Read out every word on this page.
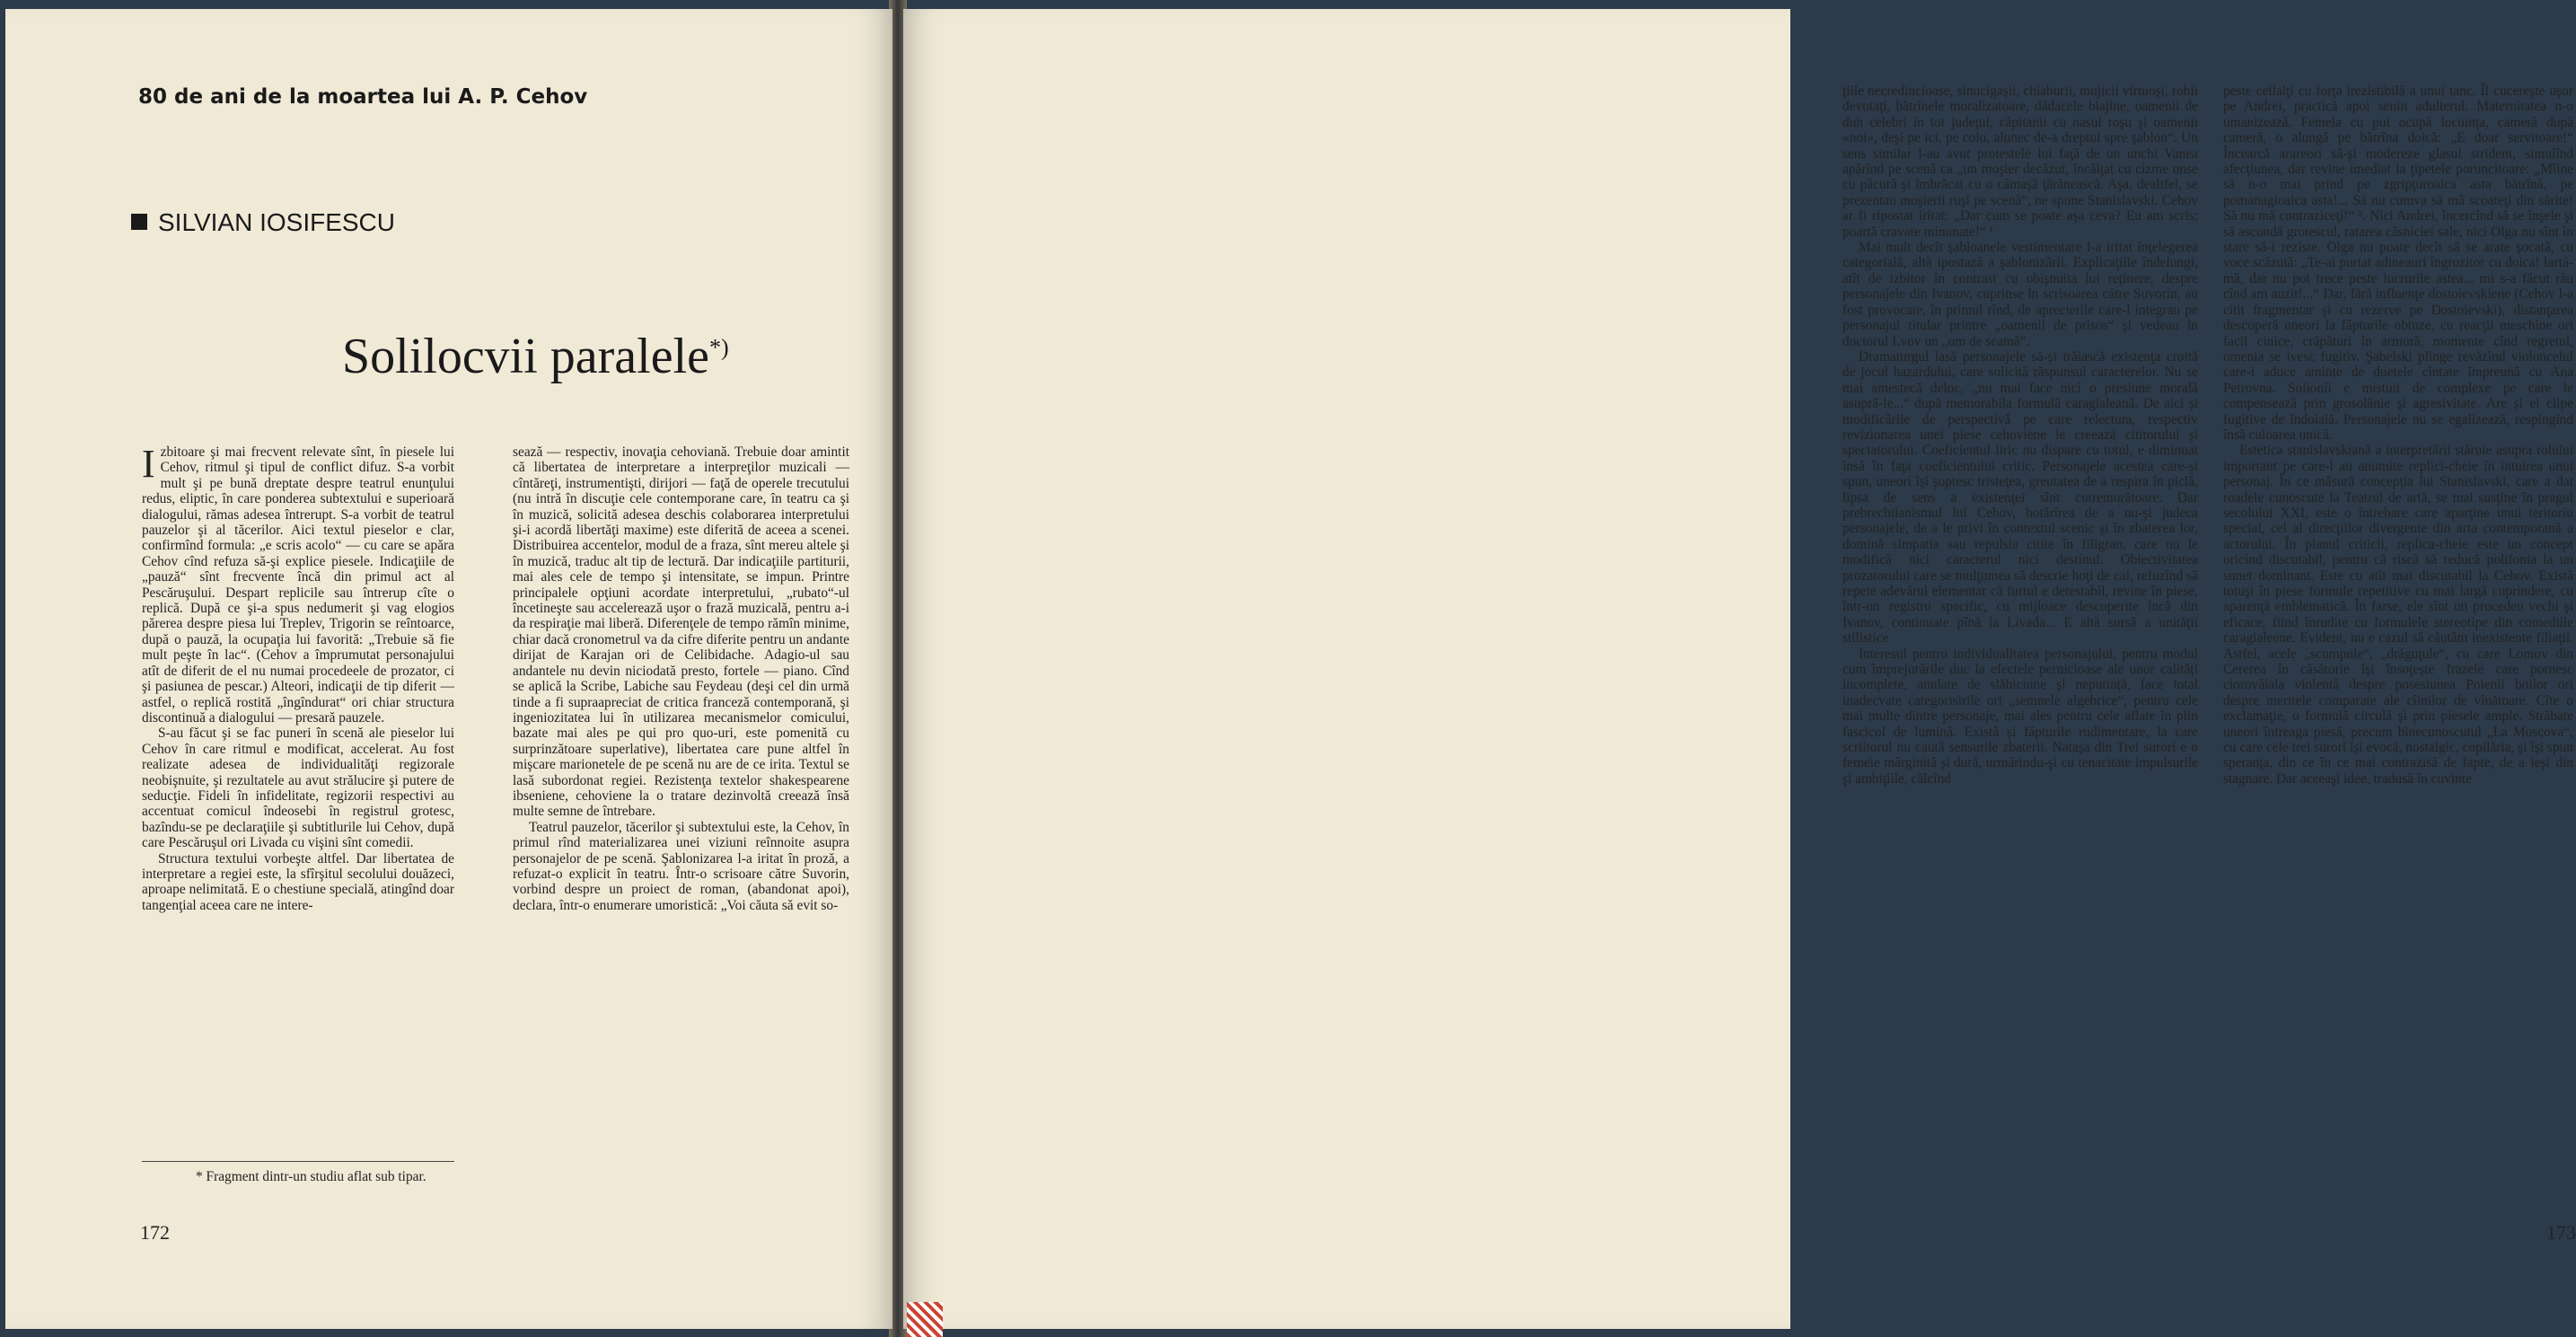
80 de ani de la moartea lui A. P. Cehov
SILVIAN IOSIFESCU
Solilocvii paralele*)

Izbitoare şi mai frecvent relevate sînt, în piesele lui Cehov, ritmul şi tipul de conflict difuz. S-a vorbit mult şi pe bună dreptate despre teatrul enunţului redus, eliptic, în care ponderea subtextului e superioară dialogului, rămas adesea întrerupt. S-a vorbit de teatrul pauzelor şi al tăcerilor. Aici textul pieselor e clar, confirmînd formula: „e scris acolo“ — cu care se apăra Cehov cînd refuza să-şi explice piesele. Indicaţiile de „pauză“ sînt frecvente încă din primul act al Pescăruşului. Despart replicile sau întrerup cîte o replică. După ce şi-a spus nedumerit şi vag elogios părerea despre piesa lui Treplev, Trigorin se reîntoarce, după o pauză, la ocupaţia lui favorită: „Trebuie să fie mult peşte în lac“. (Cehov a împrumutat personajului atît de diferit de el nu numai procedeele de prozator, ci şi pasiunea de pescar.) Alteori, indicaţii de tip diferit — astfel, o replică rostită „îngîndurat“ ori chiar structura discontinuă a dialogului — presară pauzele.

S-au făcut şi se fac puneri în scenă ale pieselor lui Cehov în care ritmul e modificat, accelerat. Au fost realizate adesea de individualităţi regizorale neobişnuite, şi rezultatele au avut strălucire şi putere de seducţie. Fideli în infidelitate, regizorii respectivi au accentuat comicul îndeosebi în registrul grotesc, bazîndu-se pe declaraţiile şi subtitlurile lui Cehov, după care Pescăruşul ori Livada cu vişini sînt comedii.

Structura textului vorbeşte altfel. Dar libertatea de interpretare a regiei este, la sfîrşitul secolului douăzeci, aproape nelimitată. E o chestiune specială, atingînd doar tangenţial aceea care ne intere-

sează — respectiv, inovaţia cehoviană. Trebuie doar amintit că libertatea de interpretare a interpreţilor muzicali — cîntăreţi, instrumentişti, dirijori — faţă de operele trecutului (nu intră în discuţie cele contemporane care, în teatru ca şi în muzică, solicită adesea deschis colaborarea interpretului şi-i acordă libertăţi maxime) este diferită de aceea a scenei. Distribuirea accentelor, modul de a fraza, sînt mereu altele şi în muzică, traduc alt tip de lectură. Dar indicaţiile partiturii, mai ales cele de tempo şi intensitate, se impun. Printre principalele opţiuni acordate interpretului, „rubato“-ul încetineşte sau accelerează uşor o frază muzicală, pentru a-i da respiraţie mai liberă. Diferenţele de tempo rămîn minime, chiar dacă cronometrul va da cifre diferite pentru un andante dirijat de Karajan ori de Celibidache. Adagio-ul sau andantele nu devin niciodată presto, fortele — piano. Cînd se aplică la Scribe, Labiche sau Feydeau (deşi cel din urmă tinde a fi supraapreciat de critica franceză contemporană, şi ingeniozitatea lui în utilizarea mecanismelor comicului, bazate mai ales pe qui pro quo-uri, este pomenită cu surprinzătoare superlative), libertatea care pune altfel în mişcare marionetele de pe scenă nu are de ce irita. Textul se lasă subordonat regiei. Rezistenţa textelor shakespearene ibseniene, cehoviene la o tratare dezinvoltă creează însă multe semne de întrebare.

Teatrul pauzelor, tăcerilor şi subtextului este, la Cehov, în primul rînd materializarea unei viziuni reînnoite asupra personajelor de pe scenă. Şablonizarea l-a iritat în proză, a refuzat-o explicit în teatru. Într-o scrisoare către Suvorin, vorbind despre un proiect de roman, (abandonat apoi), declara, într-o enumerare umoristică: „Voi căuta să evit so-

* Fragment dintr-un studiu aflat sub tipar.
172

ţiile necredincioase, sinucigaşii, chiaburii, mujicii virtuoşi, robii devotaţi, bătrînele moralizatoare, dădacele blajine, oamenii de duh celebri în tot judeţul, căpitanii cu nasul roşu şi oamenii «noi», deşi pe ici, pe colo, alunec de-a dreptul spre şablon“. Un sens similar l-au avut protestele lui faţă de un unchi Vanea apărînd pe scenă ca „un moşier decăzut, încălţat cu cizme unse cu păcură şi îmbrăcat cu o cămaşă ţărănească. Aşa, dealtfel, se prezentau moşierii ruşi pe scenă“, ne spune Stanislavski. Cehov ar fi ripostat iritat: „Dar cum se poate aşa ceva? Eu am scris: poartă cravate minunate!“ ¹

Mai mult decît şabloanele vestimentare l-a iritat înţelegerea categorială, altă ipostază a şablonizării. Explicaţiile îndelungi, atît de izbitor în contrast cu obişnuita lui reţinere, despre personajele din Ivanov, cuprinse în scrisoarea către Suvorin, au fost provocate, în primul rînd, de aprecierile care-l integrau pe personajul titular printre „oamenii de prisos“ şi vedeau în doctorul Lvov un „om de seamă“.

Dramaturgul lasă personajele să-şi trăiască existenţa croită de jocul hazardului, care solicită răspunsul caracterelor. Nu se mai amestecă deloc, „nu mai face nici o presiune morală asupră-le...“ după memorabila formulă caragialeană. De aici şi modificările de perspectivă pe care relectura, respectiv revizionarea unei piese cehoviene le creează cititorului şi spectatorului. Coeficientul liric nu dispare cu totul, e diminuat însă în faţa coeficientului critic. Personajele acestea care-şi spun, uneori îşi şoptesc tristeţea, greutatea de a respira în piclă, lipsa de sens a existenţei sînt cutremurătoare. Dar prebrechtianismul lui Cehov, hotărîrea de a nu-şi judeca personajele, de a le privi în contextul scenic şi în zbaterea lor, domină simpatia sau repulsia citite în filigran, care nu le modifică nici caracterul nici destinul. Obiectivitatea prozatorului care se mulţumea să descrie hoţi de cai, refuzînd să repete adevărul elementar că furtul e detestabil, revine în piese, într-un registru specific, cu mijloace descoperite încă din Ivanov, continuate pînă la Livada... E altă sursă a unităţii stilistice

Interesul pentru individualitatea personajului, pentru modul cum împrejurările duc la efectele pernicioase ale unor calităţi incomplete, anulate de slăbiciune şi neputinţă, face total inadecvate categorisirile ori „semnele algebrice“, pentru cele mai multe dintre personaje, mai ales pentru cele aflate în plin fascicol de lumină. Există şi făpturile rudimentare, la care scriitorul nu caută sensurile zbaterii. Nataşa din Trei surori e o femeie mărginită şi dură, urmărindu-şi cu tenacitate impulsurile şi ambiţiile, călcînd

peste ceilalţi cu forţa irezistibilă a unui tanc. Îl cucereşte uşor pe Andrei, practică apoi senin adulterul. Maternitatea n-o umanizează. Femela cu pui ocupă locuinţa, cameră după cameră, o alungă pe bătrîna doică: „E doar servitoare!“ Încearcă arareori să-şi modereze glasul strident, simulînd afecţiunea, dar revine imediat la ţipetele poruncitoare: „Mîine să n-o mai prind pe zgripţuroaica asta bătrînă, pe pomanagioaica asta!... Să nu cumva să mă scoateţi din sărite! Să nu mă contraziceţi!“ ². Nici Andrei, încercînd să se înşele şi să ascundă grotescul, ratarea căsniciei sale, nici Olga nu sînt în stare să-i reziste. Olga nu poate decît să se arate şocată, cu voce scăzută: „Te-ai purtat adineauri îngrozitor cu doica! Iartă-mă, dar nu pot trece peste lucrurile astea... mi s-a făcut rău cînd am auzit!...“ Dar, fără influenţe dostoievskiene (Cehov l-a citit fragmentar şi cu rezerve pe Dostoievski), distanţarea descoperă uneori la făpturile obtuze, cu reacţii meschine ori facil cinice, crăpături în armură, momente cînd regretul, omenia se ivesc fugitiv. Şabelski plînge revăzînd violoncelul care-i aduce aminte de duetele cîntate împreună cu Ana Petrovna. Solionîi e mistuit de complexe pe care le compensează prin grosolănie şi agresivitate. Are şi el clipe fugitive de îndoială. Personajele nu se egalizează, respingînd însă culoarea unică.

Estetica stanislavskiană a interpretării stăruie asupra rolului important pe care-l au anumite replici-cheie în intuirea unui personaj. În ce măsură concepţia lui Stanislavski, care a dat roadele cunoscute la Teatrul de artă, se mai susţine în pragul secolului XXI, este o întrebare care aparţine unui teritoriu special, cel al direcţiilor divergente din arta contemporană a actorului. În planul criticii, replica-cheie este un concept oricînd discutabil, pentru că riscă să reducă polifonia la un sunet dominant. Este cu atît mai discutabil la Cehov. Există totuşi în piese formule repetitive cu mai largă cuprindere, cu aparenţă emblematică. În farse, ele sînt un procedeu vechi şi eficace, fiind înrudite cu formulele stereotipe din comediile caragialeene. Evident, nu e cazul să căutăm inexistente filiaţii. Astfel, acele „scumpule“, „drăguţule“, cu care Lomov din Cererea în căsătorie îşi însoţeşte frazele care pornesc ciorovăiala violentă despre posesiunea Poienii boilor ori despre meritele comparate ale cîinilor de vînătoare. Cîte o exclamaţie, o formulă circulă şi prin piesele ample. Străbate uneori întreaga piesă, precum binecunoscutul „La Moscova“, cu care cele trei surori îşi evocă, nostalgic, copilăria, şi îşi spun speranţa, din ce în ce mai contrazisă de fapte, de a ieşi din stagnare. Dar aceeaşi idee, tradusă în cuvinte

173
